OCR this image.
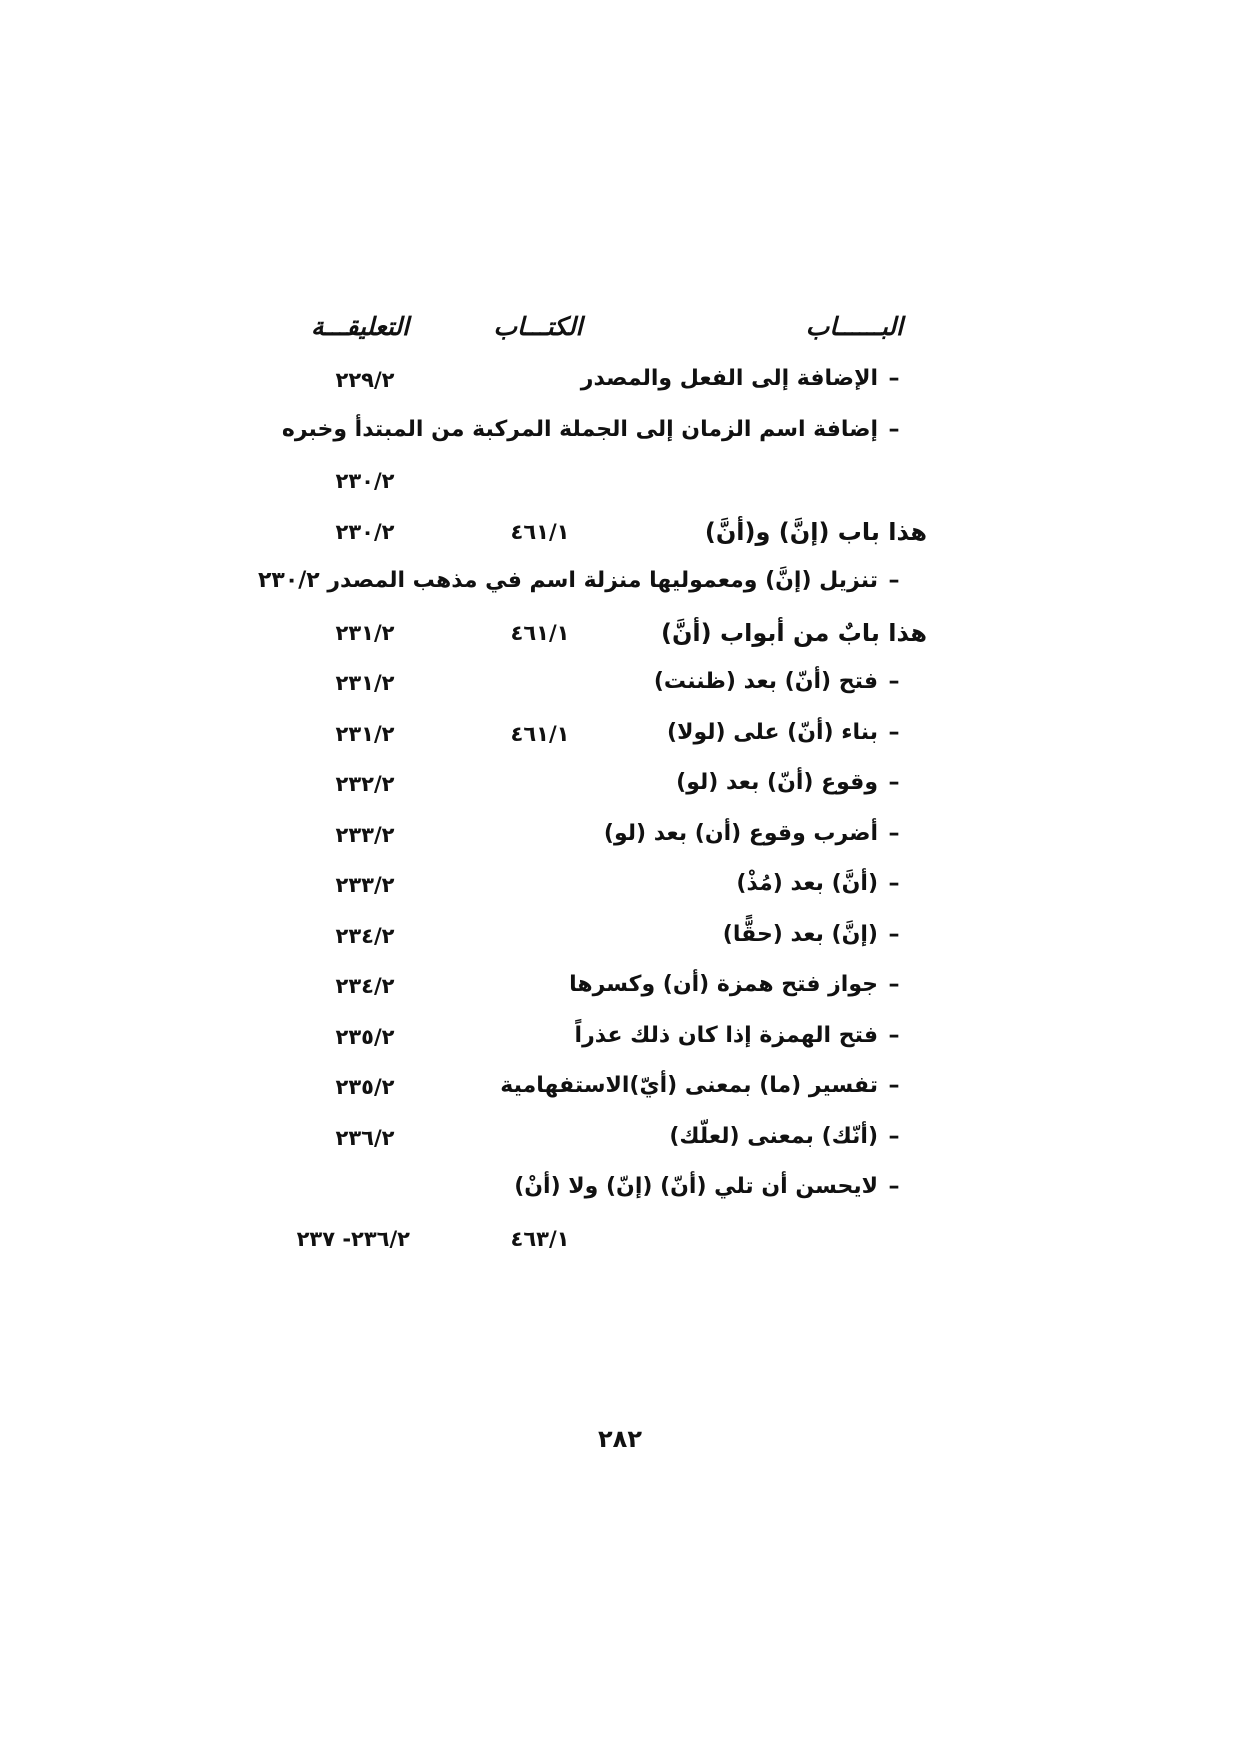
البــــــاب
الكتـــاب
التعليقـــة
–الإضافة إلى الفعل والمصدر
٢٢٩/٢
–إضافة اسم الزمان إلى الجملة المركبة من المبتدأ وخبره
٢٣٠/٢
هذا باب (إنَّ) و(أنَّ)
٤٦١/١
٢٣٠/٢
–تنزيل (إنَّ) ومعموليها منزلة اسم في مذهب المصدر ٢٣٠/٢
هذا بابٌ من أبواب (أنَّ)
٤٦١/١
٢٣١/٢
–فتح (أنّ) بعد (ظننت)
٢٣١/٢
–بناء (أنّ) على (لولا)
٤٦١/١
٢٣١/٢
–وقوع (أنّ) بعد (لو)
٢٣٢/٢
–أضرب وقوع (أن) بعد (لو)
٢٣٣/٢
–(أنَّ) بعد (مُذْ)
٢٣٣/٢
–(إنَّ) بعد (حقًّا)
٢٣٤/٢
–جواز فتح همزة (أن) وكسرها
٢٣٤/٢
–فتح الهمزة إذا كان ذلك عذراً
٢٣٥/٢
–تفسير (ما) بمعنى (أيّ)الاستفهامية
٢٣٥/٢
–(أنّك) بمعنى (لعلّك)
٢٣٦/٢
–لايحسن أن تلي (أنّ) (إنّ) ولا (أنْ)
٤٦٣/١
٢٣٦/٢- ٢٣٧
٢٨٢
